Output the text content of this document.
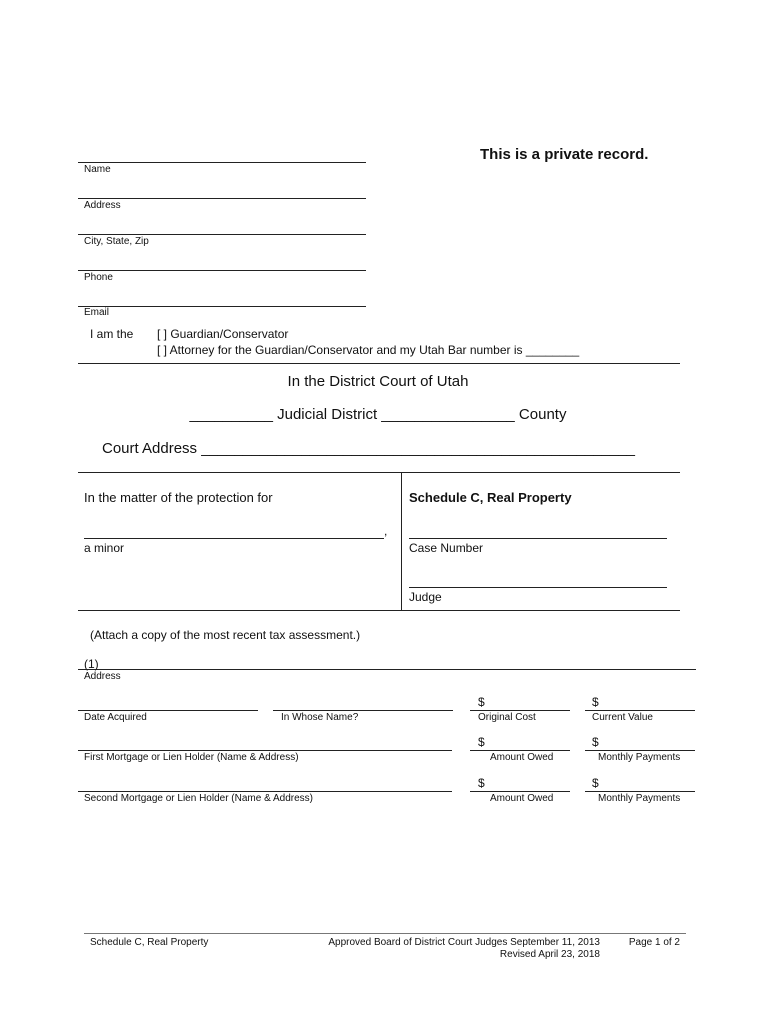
This is a private record.
Name
Address
City, State, Zip
Phone
Email
I am the [ ] Guardian/Conservator
[ ] Attorney for the Guardian/Conservator and my Utah Bar number is ________
In the District Court of Utah
__________ Judicial District ________________ County
Court Address ____________________________________________________
In the matter of the protection for
,
a minor
Schedule C, Real Property
Case Number
Judge
(Attach a copy of the most recent tax assessment.)
(1)
Address
Date Acquired	In Whose Name?
$
Original Cost
$
Current Value
First Mortgage or Lien Holder (Name & Address)
$
Amount Owed
$
Monthly Payments
Second Mortgage or Lien Holder (Name & Address)
$
Amount Owed
$
Monthly Payments
Schedule C, Real Property	Approved Board of District Court Judges September 11, 2013
Revised April 23, 2018
Page 1 of 2
